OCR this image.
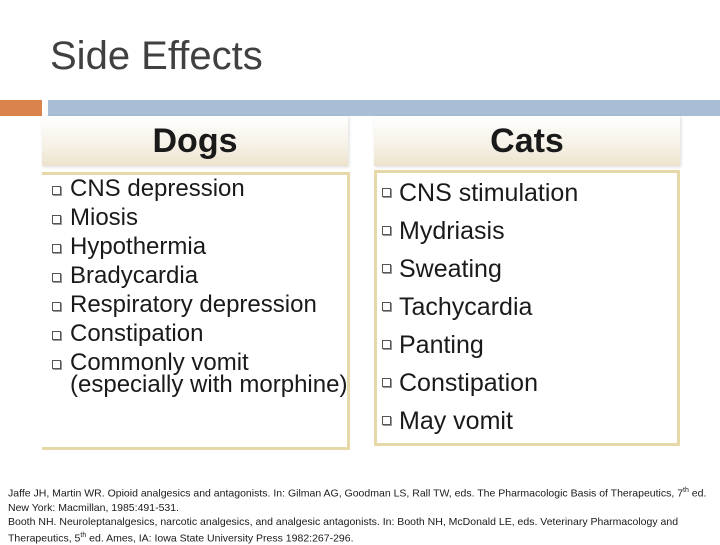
Side Effects
Dogs	Cats
CNS depression
Miosis
Hypothermia
Bradycardia
Respiratory depression
Constipation
Commonly vomit (especially with morphine)
CNS stimulation
Mydriasis
Sweating
Tachycardia
Panting
Constipation
May vomit
Jaffe JH, Martin WR. Opioid analgesics and antagonists. In: Gilman AG, Goodman LS, Rall TW, eds. The Pharmacologic Basis of Therapeutics, 7th ed. New York: Macmillan, 1985:491-531.
Booth NH. Neuroleptanalgesics, narcotic analgesics, and analgesic antagonists. In: Booth NH, McDonald LE, eds. Veterinary Pharmacology and Therapeutics, 5th ed. Ames, IA: Iowa State University Press 1982:267-296.
